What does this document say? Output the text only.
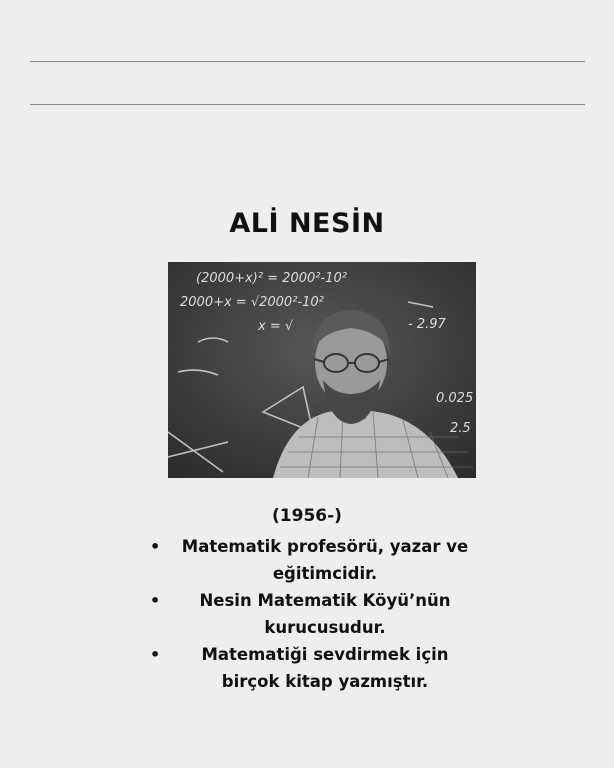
ALİ NESİN
(2000+x)² = 2000²-10²
2000+x = √2000²-10²
x = √
0.025
2.5
- 2.97
(1956-)
• Matematik profesörü, yazar ve eğitimcidir.
• Nesin Matematik Köyü’nün kurucusudur.
•	Matematiği sevdirmek için birçok kitap yazmıştır.
